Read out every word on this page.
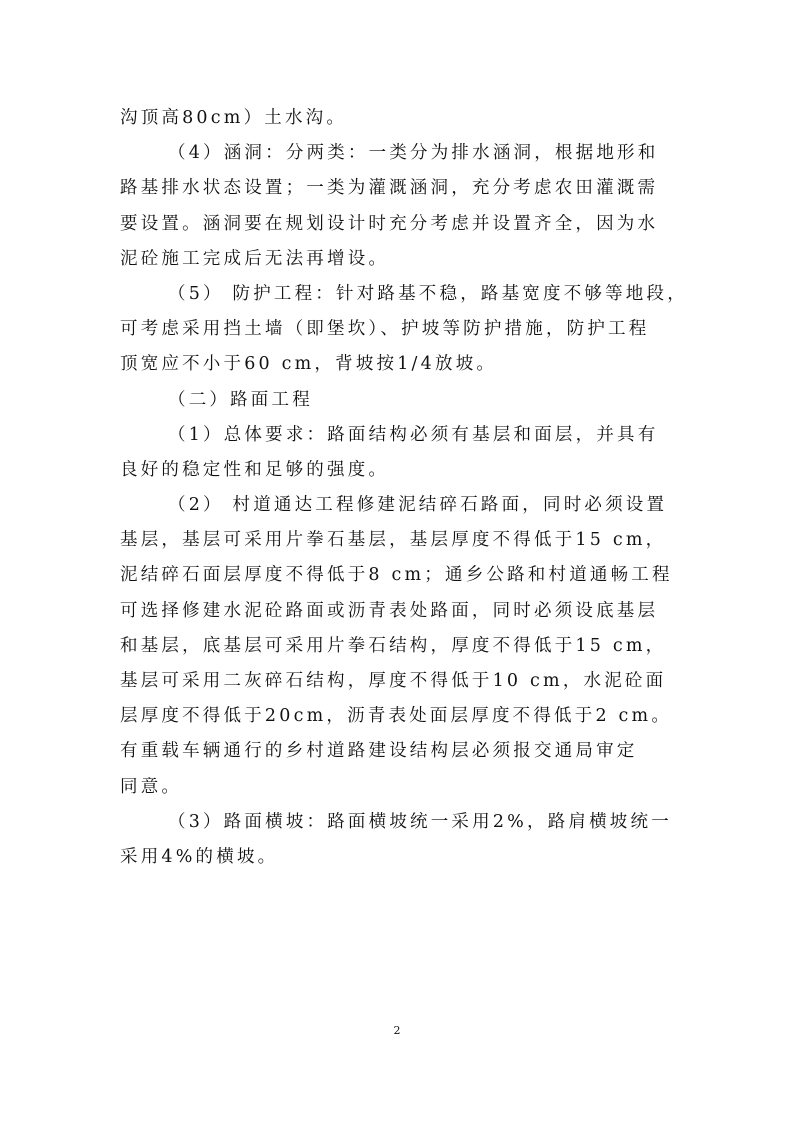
沟顶高80cm）土水沟。
（4）涵洞：分两类：一类分为排水涵洞，根据地形和
路基排水状态设置；一类为灌溉涵洞，充分考虑农田灌溉需
要设置。涵洞要在规划设计时充分考虑并设置齐全，因为水
泥砼施工完成后无法再增设。
（5） 防护工程：针对路基不稳，路基宽度不够等地段，
可考虑采用挡土墙（即堡坎）、护坡等防护措施，防护工程
顶宽应不小于60 cm，背坡按1/4放坡。
（二）路面工程
（1）总体要求：路面结构必须有基层和面层，并具有
良好的稳定性和足够的强度。
（2） 村道通达工程修建泥结碎石路面，同时必须设置
基层，基层可采用片拳石基层，基层厚度不得低于15 cm，
泥结碎石面层厚度不得低于8 cm；通乡公路和村道通畅工程
可选择修建水泥砼路面或沥青表处路面，同时必须设底基层
和基层，底基层可采用片拳石结构，厚度不得低于15 cm，
基层可采用二灰碎石结构，厚度不得低于10 cm，水泥砼面
层厚度不得低于20cm，沥青表处面层厚度不得低于2 cm。
有重载车辆通行的乡村道路建设结构层必须报交通局审定
同意。
（3）路面横坡：路面横坡统一采用2%，路肩横坡统一
采用4%的横坡。
2
